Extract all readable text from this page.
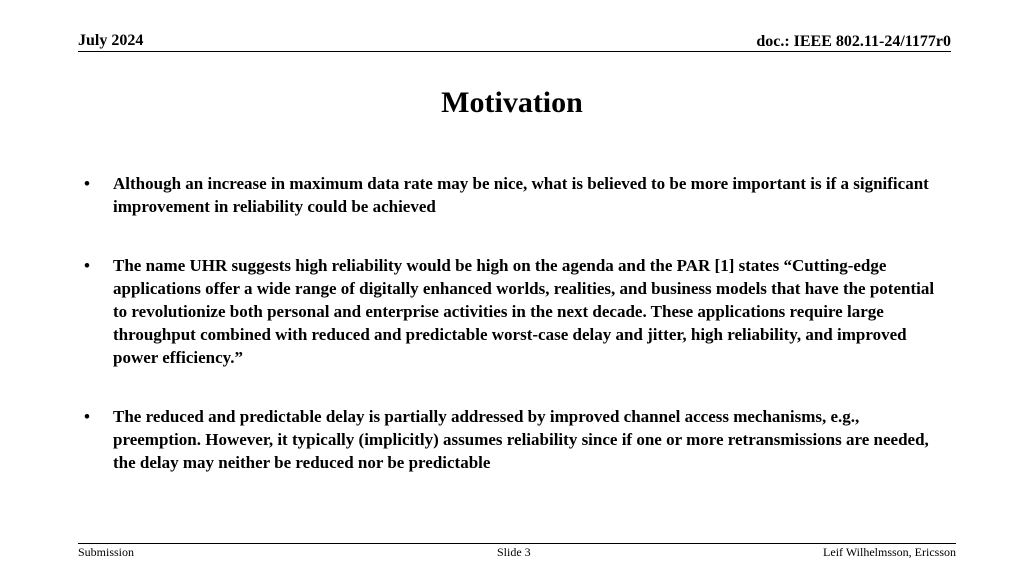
July 2024	doc.: IEEE 802.11-24/1177r0
Motivation
• Although an increase in maximum data rate may be nice, what is believed to be more important is if a significant improvement in reliability could be achieved
• The name UHR suggests high reliability would be high on the agenda and the PAR [1] states “Cutting-edge applications offer a wide range of digitally enhanced worlds, realities, and business models that have the potential to revolutionize both personal and enterprise activities in the next decade. These applications require large throughput combined with reduced and predictable worst-case delay and jitter, high reliability, and improved power efficiency.”
• The reduced and predictable delay is partially addressed by improved channel access mechanisms, e.g., preemption. However, it typically (implicitly) assumes reliability since if one or more retransmissions are needed, the delay may neither be reduced nor be predictable
Submission	Slide 3	Leif Wilhelmsson, Ericsson
